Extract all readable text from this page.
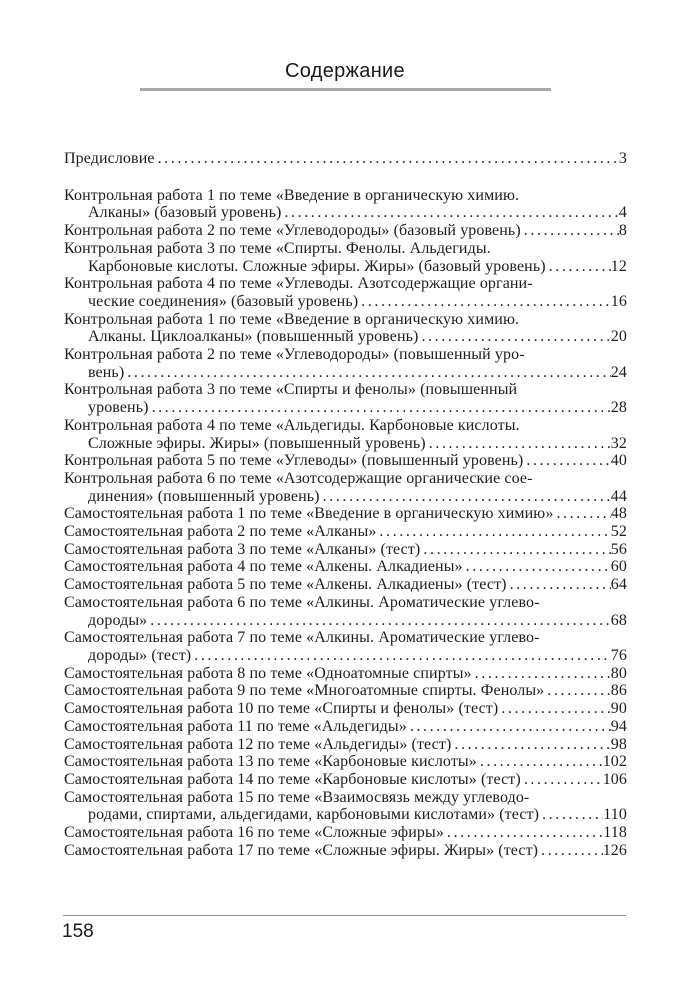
Содержание
Предисловие .....	3
Контрольная работа 1 по теме «Введение в органическую химию.
Алканы» (базовый уровень) .....	4
Контрольная работа 2 по теме «Углеводороды» (базовый уровень) .....	8
Контрольная работа 3 по теме «Спирты. Фенолы. Альдегиды.
Карбоновые кислоты. Сложные эфиры. Жиры» (базовый уровень) .....	12
Контрольная работа 4 по теме «Углеводы. Азотсодержащие органи-
ческие соединения» (базовый уровень) .....	16
Контрольная работа 1 по теме «Введение в органическую химию.
Алканы. Циклоалканы» (повышенный уровень) .....	20
Контрольная работа 2 по теме «Углеводороды» (повышенный уро-
вень) .....	24
Контрольная работа 3 по теме «Спирты и фенолы» (повышенный
уровень) .....	28
Контрольная работа 4 по теме «Альдегиды. Карбоновые кислоты.
Сложные эфиры. Жиры» (повышенный уровень) .....	32
Контрольная работа 5 по теме «Углеводы» (повышенный уровень) .....	40
Контрольная работа 6 по теме «Азотсодержащие органические сое-
динения» (повышенный уровень) .....	44
Самостоятельная работа 1 по теме «Введение в органическую химию» .....	48
Самостоятельная работа 2 по теме «Алканы» .....	52
Самостоятельная работа 3 по теме «Алканы» (тест) .....	56
Самостоятельная работа 4 по теме «Алкены. Алкадиены» .....	60
Самостоятельная работа 5 по теме «Алкены. Алкадиены» (тест) .....	64
Самостоятельная работа 6 по теме «Алкины. Ароматические углево-
дороды» .....	68
Самостоятельная работа 7 по теме «Алкины. Ароматические углево-
дороды» (тест) .....	76
Самостоятельная работа 8 по теме «Одноатомные спирты» .....	80
Самостоятельная работа 9 по теме «Многоатомные спирты. Фенолы» .....	86
Самостоятельная работа 10 по теме «Спирты и фенолы» (тест) .....	90
Самостоятельная работа 11 по теме «Альдегиды» .....	94
Самостоятельная работа 12 по теме «Альдегиды» (тест) .....	98
Самостоятельная работа 13 по теме «Карбоновые кислоты» .....	102
Самостоятельная работа 14 по теме «Карбоновые кислоты» (тест) .....	106
Самостоятельная работа 15 по теме «Взаимосвязь между углеводо-
родами, спиртами, альдегидами, карбоновыми кислотами» (тест) .....	110
Самостоятельная работа 16 по теме «Сложные эфиры» .....	118
Самостоятельная работа 17 по теме «Сложные эфиры. Жиры» (тест) .....	126
158
